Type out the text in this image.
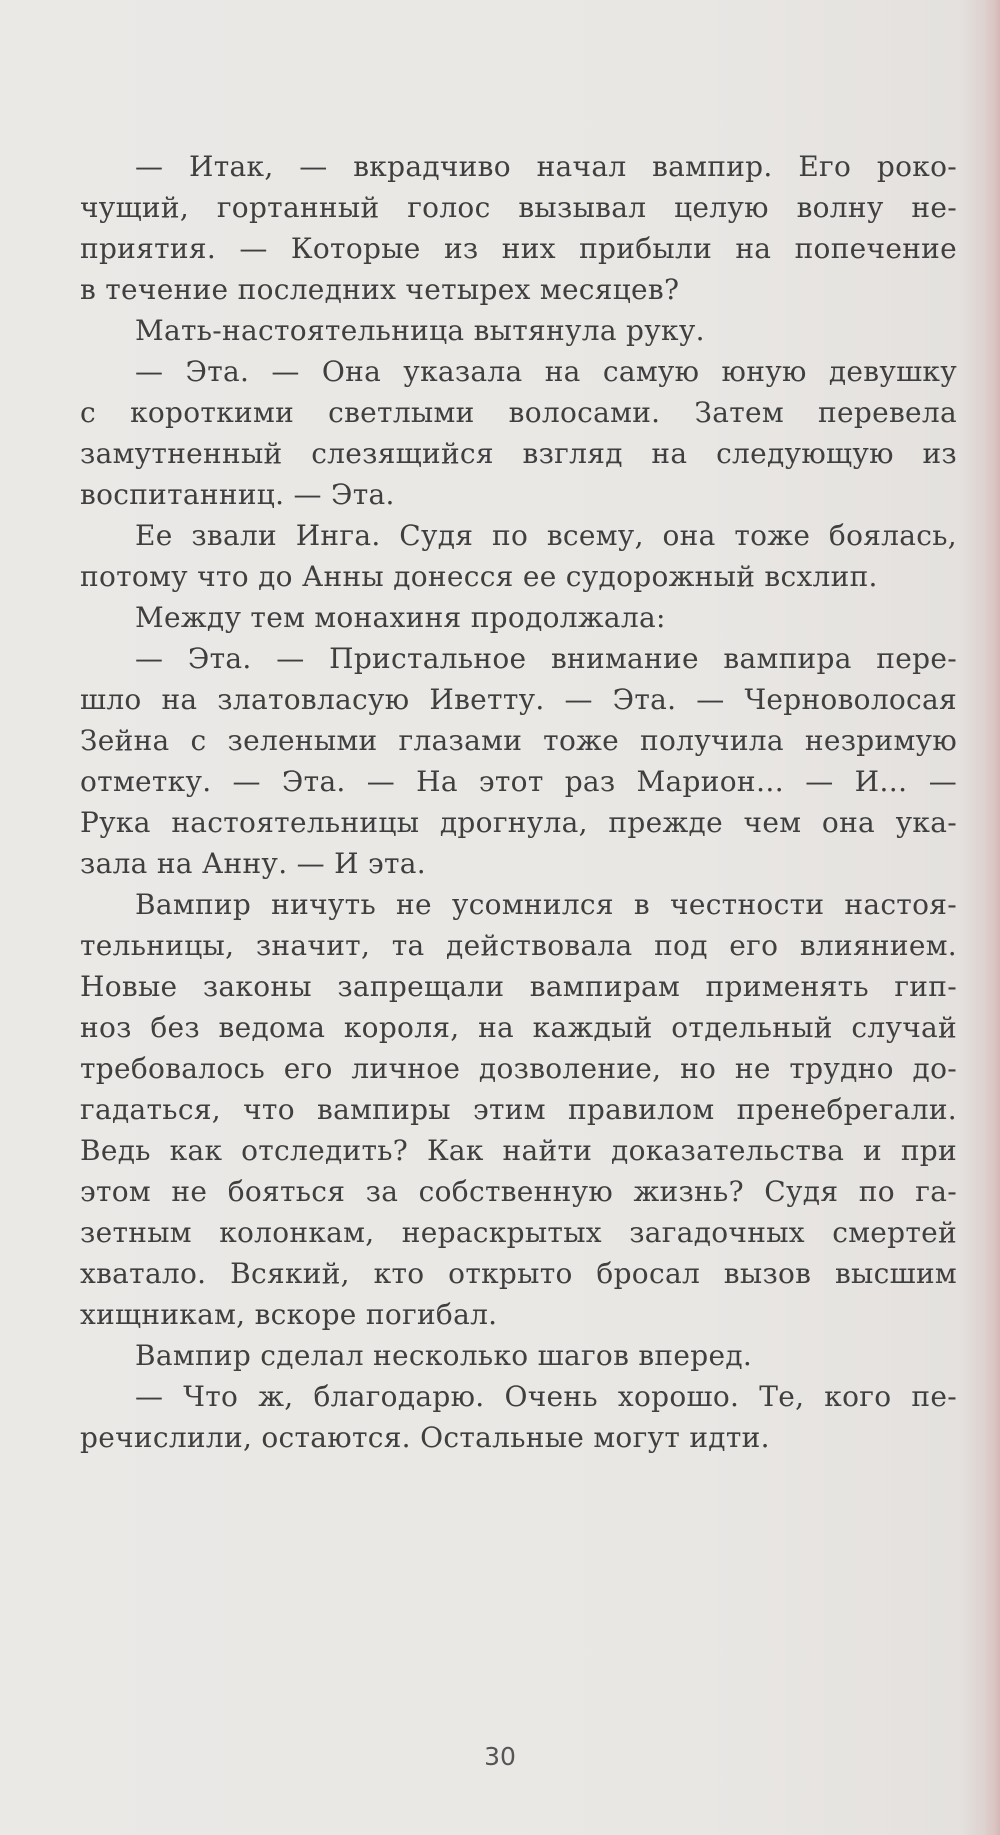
— Итак, — вкрадчиво начал вампир. Его роко-
чущий, гортанный голос вызывал целую волну не-
приятия. — Которые из них прибыли на попечение
в течение последних четырех месяцев?
Мать-настоятельница вытянула руку.
— Эта. — Она указала на самую юную девушку
с короткими светлыми волосами. Затем перевела
замутненный слезящийся взгляд на следующую из
воспитанниц. — Эта.
Ее звали Инга. Судя по всему, она тоже боялась,
потому что до Анны донесся ее судорожный всхлип.
Между тем монахиня продолжала:
— Эта. — Пристальное внимание вампира пере-
шло на златовласую Иветту. — Эта. — Черноволосая
Зейна с зелеными глазами тоже получила незримую
отметку. — Эта. — На этот раз Марион… — И… —
Рука настоятельницы дрогнула, прежде чем она ука-
зала на Анну. — И эта.
Вампир ничуть не усомнился в честности настоя-
тельницы, значит, та действовала под его влиянием.
Новые законы запрещали вампирам применять гип-
ноз без ведома короля, на каждый отдельный случай
требовалось его личное дозволение, но не трудно до-
гадаться, что вампиры этим правилом пренебрегали.
Ведь как отследить? Как найти доказательства и при
этом не бояться за собственную жизнь? Судя по га-
зетным колонкам, нераскрытых загадочных смертей
хватало. Всякий, кто открыто бросал вызов высшим
хищникам, вскоре погибал.
Вампир сделал несколько шагов вперед.
— Что ж, благодарю. Очень хорошо. Те, кого пе-
речислили, остаются. Остальные могут идти.
30
